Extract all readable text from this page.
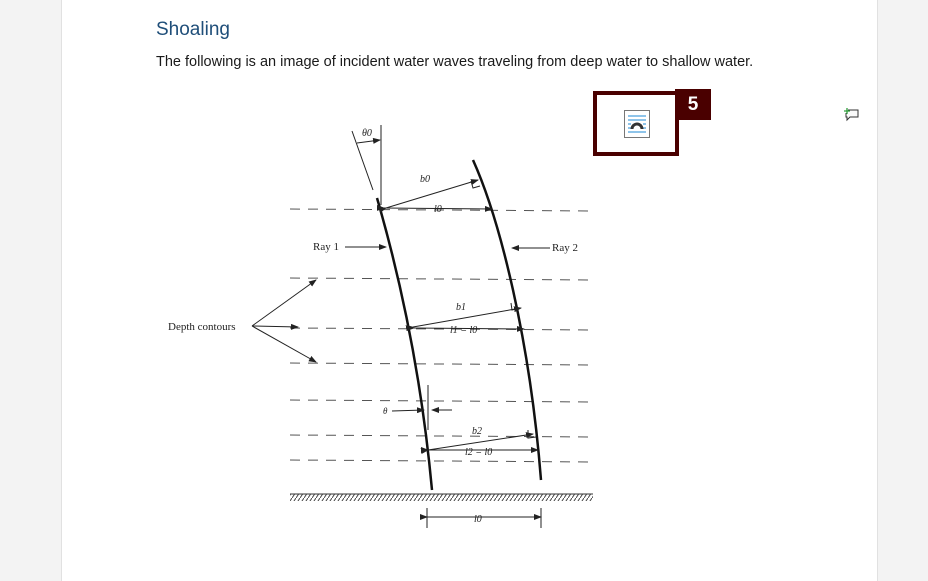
Shoaling
The following is an image of incident water waves traveling from deep water to shallow water.
θ0
b0
l0
Ray 1	Ray 2
b1
l1 = l0
Depth contours
θ
b2
l2 = l0
l0
5
